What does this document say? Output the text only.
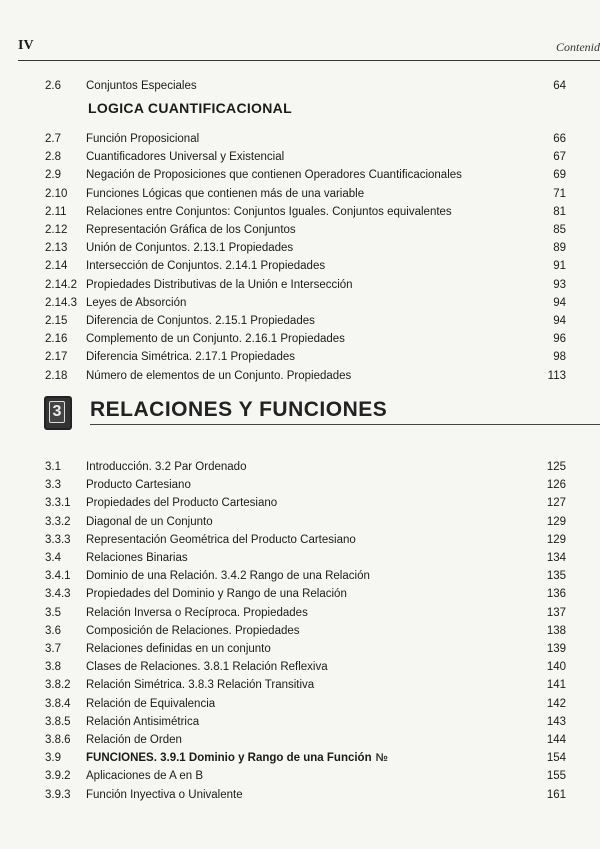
IV	Contenid
2.6 Conjuntos Especiales	64
LOGICA CUANTIFICACIONAL
2.7 Función Proposicional	66
2.8 Cuantificadores Universal y Existencial	67
2.9 Negación de Proposiciones que contienen Operadores Cuantificacionales	69
2.10 Funciones Lógicas que contienen más de una variable	71
2.11 Relaciones entre Conjuntos: Conjuntos Iguales. Conjuntos equivalentes	81
2.12 Representación Gráfica de los Conjuntos	85
2.13 Unión de Conjuntos. 2.13.1 Propiedades	89
2.14 Intersección de Conjuntos. 2.14.1 Propiedades	91
2.14.2 Propiedades Distributivas de la Unión e Intersección	93
2.14.3 Leyes de Absorción	94
2.15 Diferencia de Conjuntos. 2.15.1 Propiedades	94
2.16 Complemento de un Conjunto. 2.16.1 Propiedades	96
2.17 Diferencia Simétrica. 2.17.1 Propiedades	98
2.18 Número de elementos de un Conjunto. Propiedades	113
3 RELACIONES Y FUNCIONES
3.1 Introducción. 3.2 Par Ordenado	125
3.3 Producto Cartesiano	126
3.3.1 Propiedades del Producto Cartesiano	127
3.3.2 Diagonal de un Conjunto	129
3.3.3 Representación Geométrica del Producto Cartesiano	129
3.4 Relaciones Binarias	134
3.4.1 Dominio de una Relación. 3.4.2 Rango de una Relación	135
3.4.3 Propiedades del Dominio y Rango de una Relación	136
3.5 Relación Inversa o Recíproca. Propiedades	137
3.6 Composición de Relaciones. Propiedades	138
3.7 Relaciones definidas en un conjunto	139
3.8 Clases de Relaciones. 3.8.1 Relación Reflexiva	140
3.8.2 Relación Simétrica. 3.8.3 Relación Transitiva	141
3.8.4 Relación de Equivalencia	142
3.8.5 Relación Antisimétrica	143
3.8.6 Relación de Orden	144
3.9 FUNCIONES. 3.9.1 Dominio y Rango de una Función №	154
3.9.2 Aplicaciones de A en B	155
3.9.3 Función Inyectiva o Univalente	161
